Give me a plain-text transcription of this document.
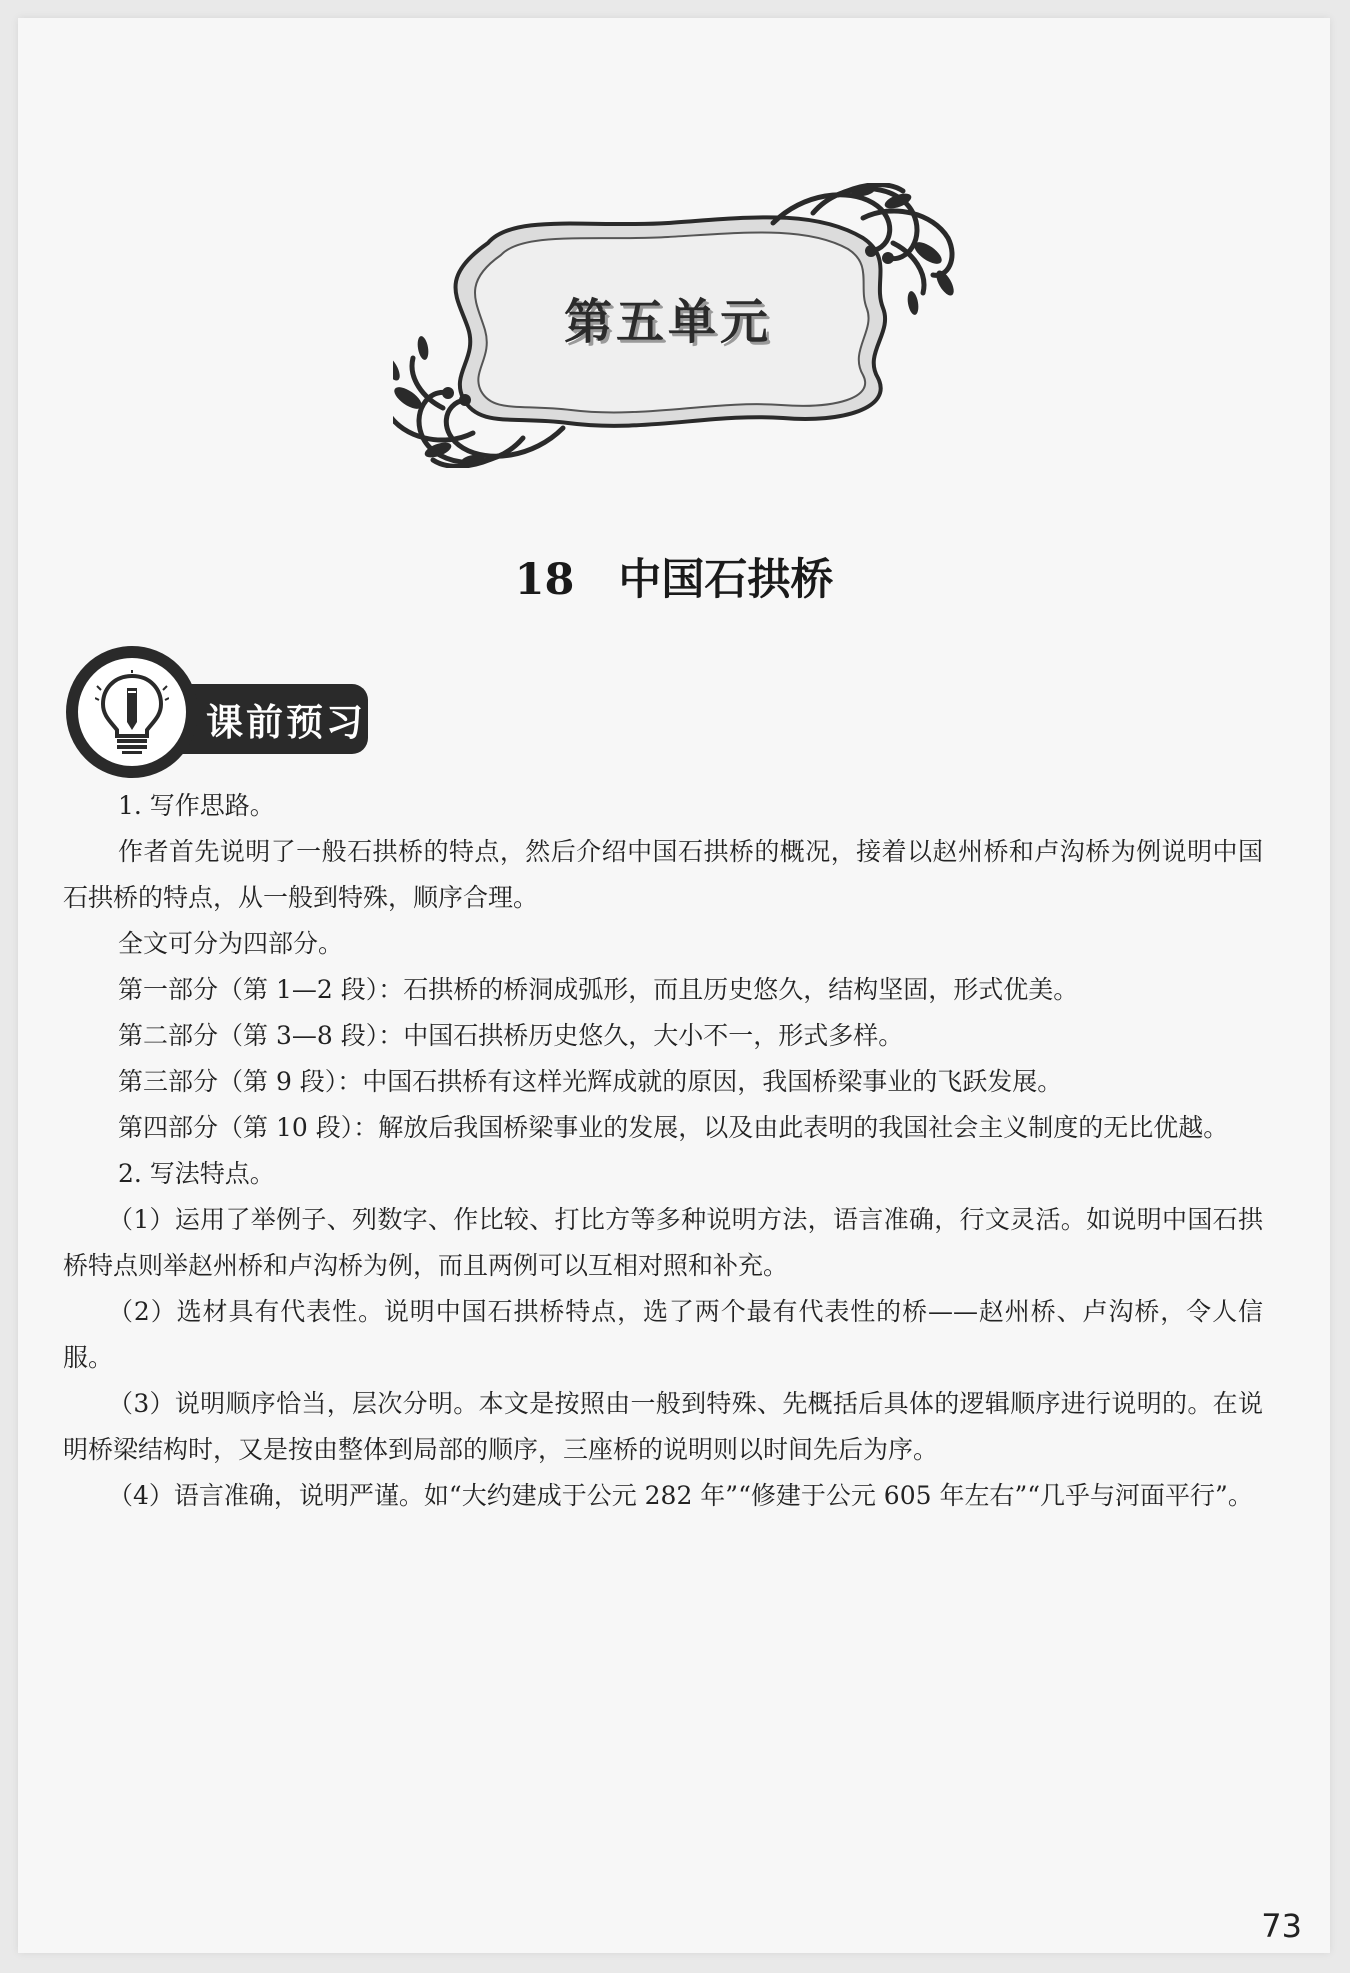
第五单元
18 中国石拱桥
课前预习

1. 写作思路。

作者首先说明了一般石拱桥的特点，然后介绍中国石拱桥的概况，接着以赵州桥和卢沟桥为例说明中国石拱桥的特点，从一般到特殊，顺序合理。

全文可分为四部分。

第一部分（第 1—2 段）：石拱桥的桥洞成弧形，而且历史悠久，结构坚固，形式优美。

第二部分（第 3—8 段）：中国石拱桥历史悠久，大小不一，形式多样。

第三部分（第 9 段）：中国石拱桥有这样光辉成就的原因，我国桥梁事业的飞跃发展。

第四部分（第 10 段）：解放后我国桥梁事业的发展，以及由此表明的我国社会主义制度的无比优越。

2. 写法特点。

（1）运用了举例子、列数字、作比较、打比方等多种说明方法，语言准确，行文灵活。如说明中国石拱桥特点则举赵州桥和卢沟桥为例，而且两例可以互相对照和补充。

（2）选材具有代表性。说明中国石拱桥特点，选了两个最有代表性的桥——赵州桥、卢沟桥，令人信服。

（3）说明顺序恰当，层次分明。本文是按照由一般到特殊、先概括后具体的逻辑顺序进行说明的。在说明桥梁结构时，又是按由整体到局部的顺序，三座桥的说明则以时间先后为序。

（4）语言准确，说明严谨。如“大约建成于公元 282 年”“修建于公元 605 年左右”“几乎与河面平行”。

73
